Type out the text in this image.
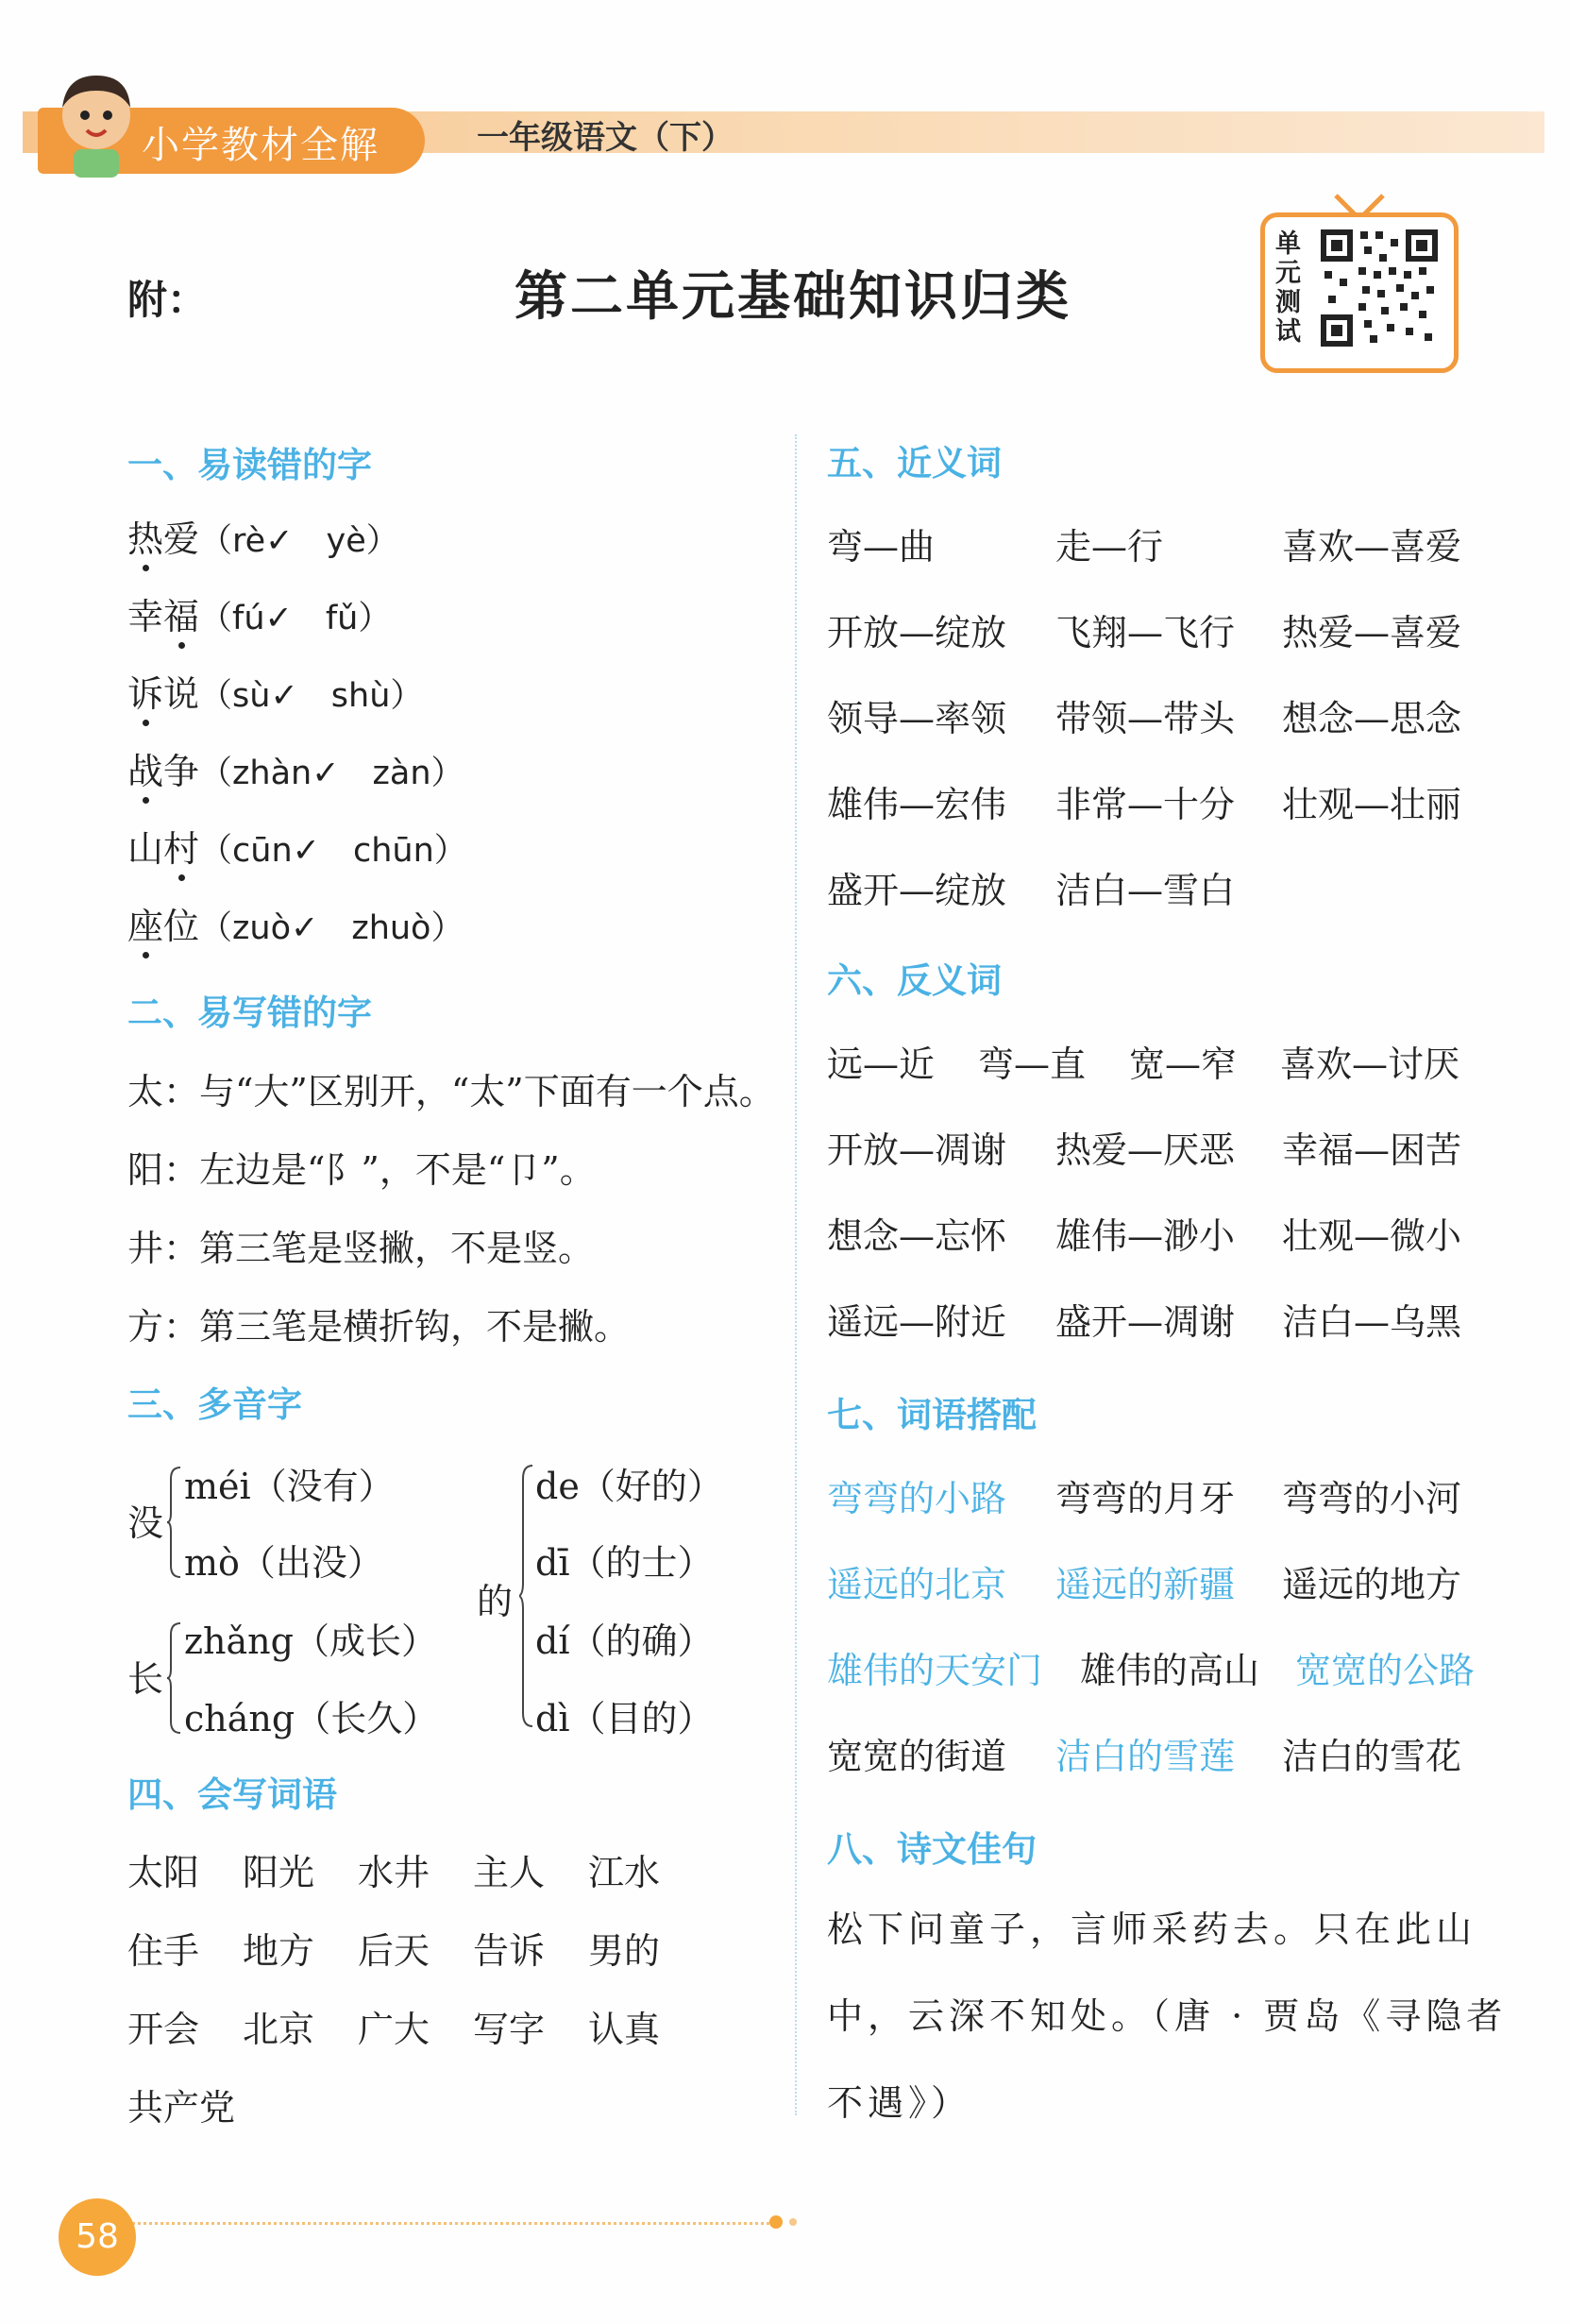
小学教材全解	一年级语文（下）
附：	第二单元基础知识归类
单元测试
一、易读错的字
热爱（rè✓ yè）
幸福（fú✓ fǔ）
诉说（sù✓ shù）
战争（zhàn✓ zàn）
山村（cūn✓ chūn）
座位（zuò✓ zhuò）
二、易写错的字
太：与“大”区别开，“太”下面有一个点。
阳：左边是“阝”，不是“卩”。
井：第三笔是竖撇，不是竖。
方：第三笔是横折钩，不是撇。
三、多音字
没
méi（没有）
mò（出没）
长
zhǎng（成长）
cháng（长久）
的
de（好的）
dī（的士）
dí（的确）
dì（目的）
四、会写词语
太阳 阳光 水井 主人 江水
住手 地方 后天 告诉 男的
开会 北京 广大 写字 认真
共产党
五、近义词
弯—曲	走—行	喜欢—喜爱
开放—绽放 飞翔—飞行 热爱—喜爱
领导—率领 带领—带头 想念—思念
雄伟—宏伟 非常—十分 壮观—壮丽
盛开—绽放 洁白—雪白
六、反义词
远—近 弯—直 宽—窄 喜欢—讨厌
开放—凋谢 热爱—厌恶 幸福—困苦
想念—忘怀 雄伟—渺小 壮观—微小
遥远—附近 盛开—凋谢 洁白—乌黑
七、词语搭配
弯弯的小路 弯弯的月牙 弯弯的小河
遥远的北京 遥远的新疆 遥远的地方
雄伟的天安门 雄伟的高山 宽宽的公路
宽宽的街道 洁白的雪莲 洁白的雪花
八、诗文佳句
松下问童子，言师采药去。只在此山
中，云深不知处。（唐 · 贾岛《寻隐者
不遇》）
58
